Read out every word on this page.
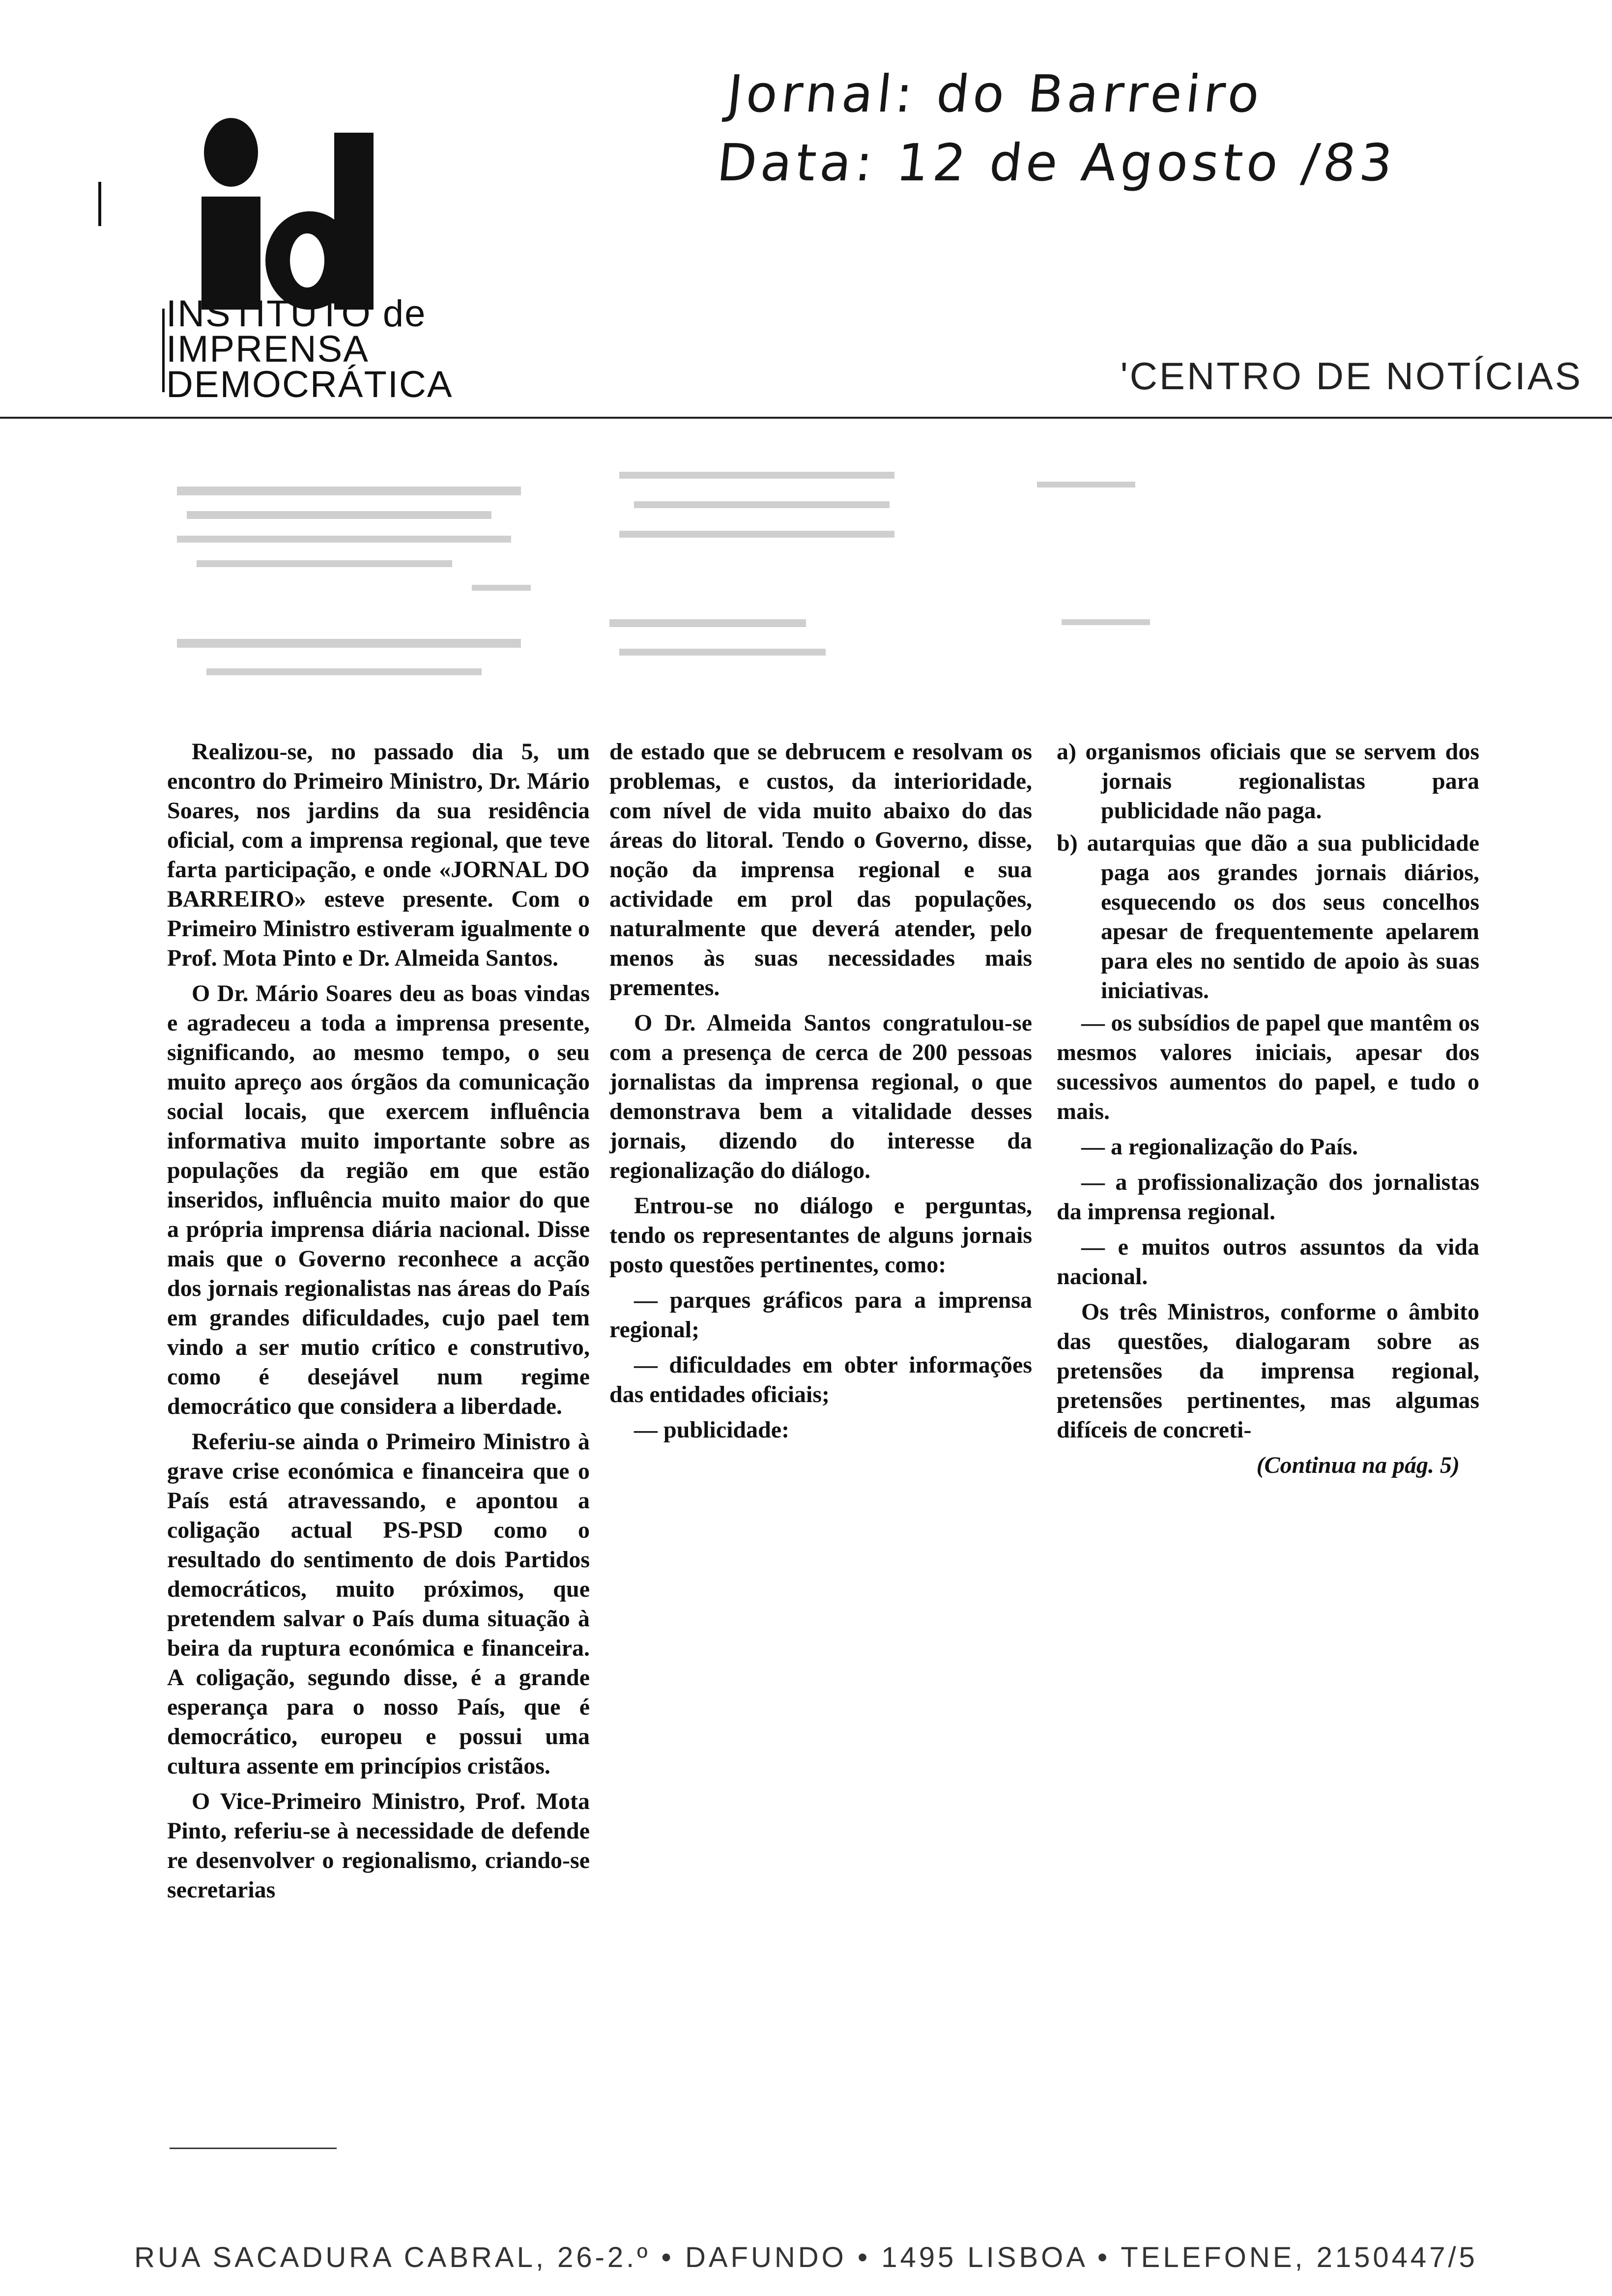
Jornal: do Barreiro
Data: 12 de Agosto /83
INSTITUTO de
IMPRENSA
DEMOCRÁTICA	'CENTRO DE NOTÍCIAS

Realizou-se, no passado dia 5, um encontro do Primeiro Ministro, Dr. Mário Soares, nos jardins da sua residência oficial, com a imprensa regional, que teve farta participação, e onde «JORNAL DO BARREIRO» esteve presente. Com o Primeiro Ministro estiveram igualmente o Prof. Mota Pinto e Dr. Almeida Santos.

O Dr. Mário Soares deu as boas vindas e agradeceu a toda a imprensa presente, significando, ao mesmo tempo, o seu muito apreço aos órgãos da comunicação social locais, que exercem influência informativa muito importante sobre as populações da região em que estão inseridos, influência muito maior do que a própria imprensa diária nacional. Disse mais que o Governo reconhece a acção dos jornais regionalistas nas áreas do País em grandes dificuldades, cujo pael tem vindo a ser mutio crítico e construtivo, como é desejável num regime democrático que considera a liberdade.

Referiu-se ainda o Primeiro Ministro à grave crise económica e financeira que o País está atravessando, e apontou a coligação actual PS-PSD como o resultado do sentimento de dois Partidos democráticos, muito próximos, que pretendem salvar o País duma situação à beira da ruptura económica e financeira. A coligação, segundo disse, é a grande esperança para o nosso País, que é democrático, europeu e possui uma cultura assente em princípios cristãos.

O Vice-Primeiro Ministro, Prof. Mota Pinto, referiu-se à necessidade de defende re desenvolver o regionalismo, criando-se secretarias

de estado que se debrucem e resolvam os problemas, e custos, da interioridade, com nível de vida muito abaixo do das áreas do litoral. Tendo o Governo, disse, noção da imprensa regional e sua actividade em prol das populações, naturalmente que deverá atender, pelo menos às suas necessidades mais prementes.

O Dr. Almeida Santos congratulou-se com a presença de cerca de 200 pessoas jornalistas da imprensa regional, o que demonstrava bem a vitalidade desses jornais, dizendo do interesse da regionalização do diálogo.

Entrou-se no diálogo e perguntas, tendo os representantes de alguns jornais posto questões pertinentes, como:

— parques gráficos para a imprensa regional;

— dificuldades em obter informações das entidades oficiais;

— publicidade:

a) organismos oficiais que se servem dos jornais regionalistas para publicidade não paga.
b) autarquias que dão a sua publicidade paga aos grandes jornais diários, esquecendo os dos seus concelhos apesar de frequentemente apelarem para eles no sentido de apoio às suas iniciativas.

— os subsídios de papel que mantêm os mesmos valores iniciais, apesar dos sucessivos aumentos do papel, e tudo o mais.

— a regionalização do País.

— a profissionalização dos jornalistas da imprensa regional.

— e muitos outros assuntos da vida nacional.

Os três Ministros, conforme o âmbito das questões, dialogaram sobre as pretensões da imprensa regional, pretensões pertinentes, mas algumas difíceis de concreti-

(Continua na pág. 5)
RUA SACADURA CABRAL, 26-2.º • DAFUNDO • 1495 LISBOA • TELEFONE, 2150447/5
